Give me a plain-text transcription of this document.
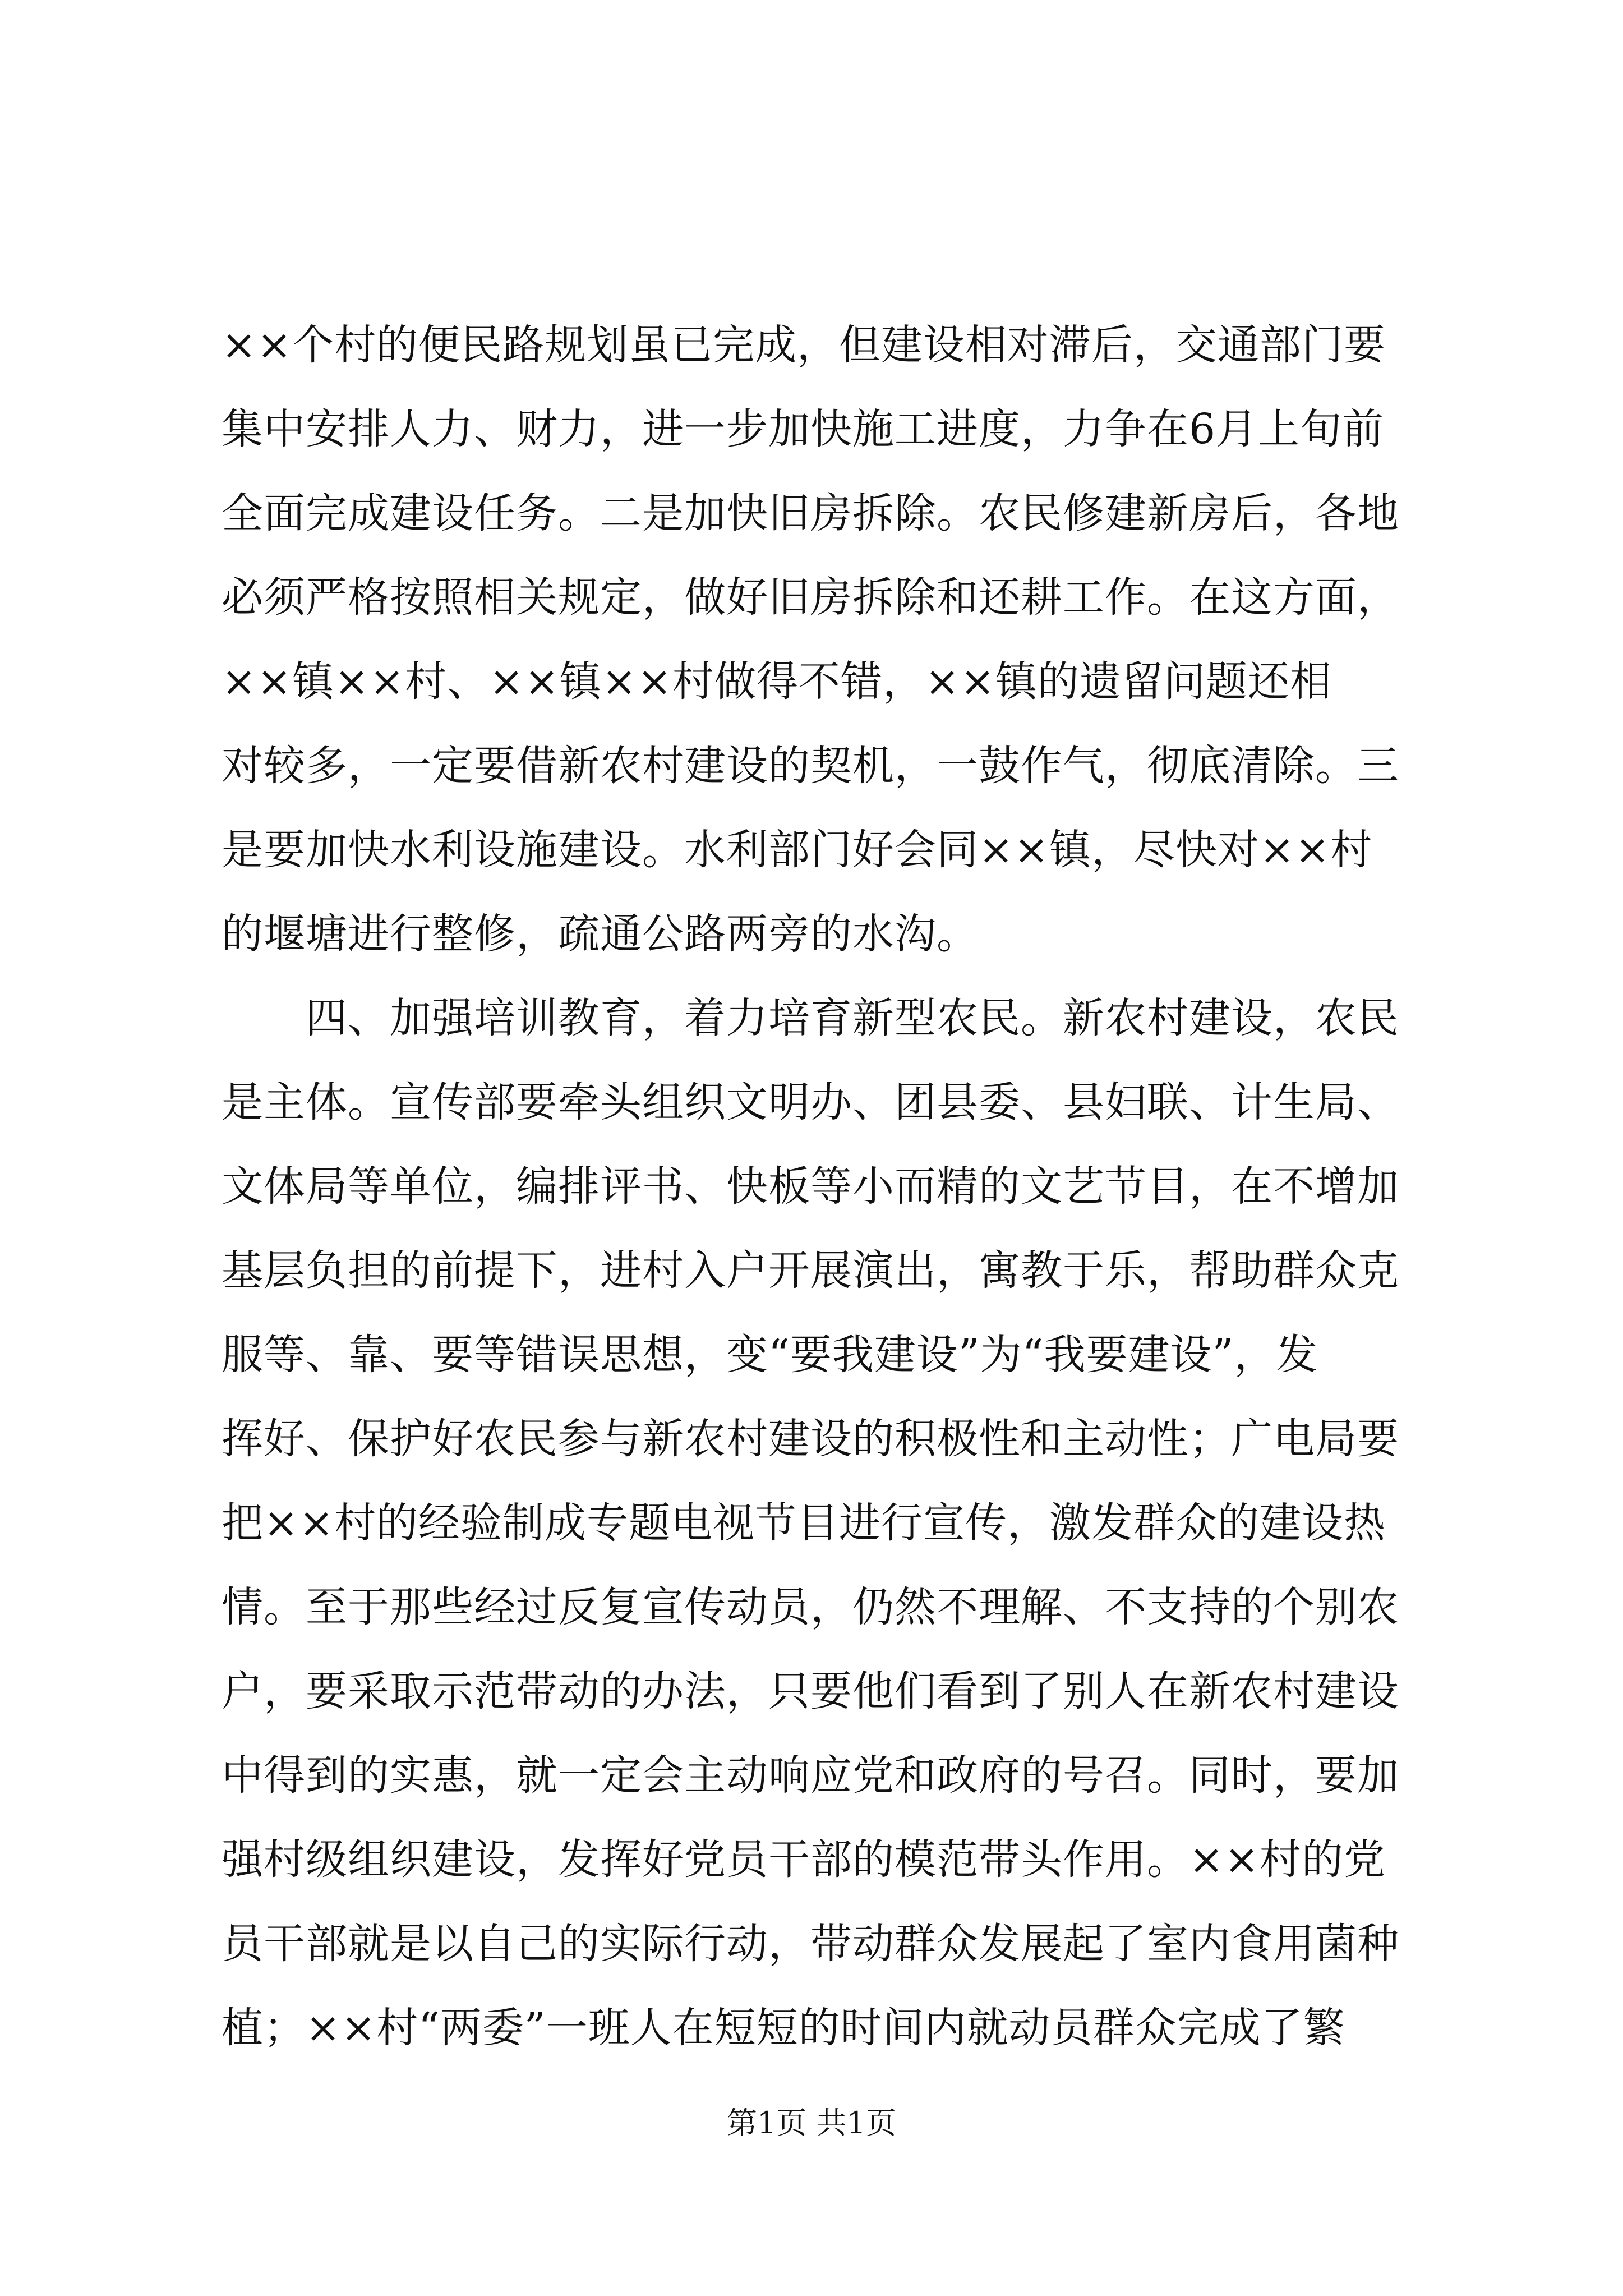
××个村的便民路规划虽已完成，但建设相对滞后，交通部门要
集中安排人力、财力，进一步加快施工进度，力争在6月上旬前
全面完成建设任务。二是加快旧房拆除。农民修建新房后，各地
必须严格按照相关规定，做好旧房拆除和还耕工作。在这方面，
××镇××村、××镇××村做得不错，××镇的遗留问题还相
对较多，一定要借新农村建设的契机，一鼓作气，彻底清除。三
是要加快水利设施建设。水利部门好会同××镇，尽快对××村
的堰塘进行整修，疏通公路两旁的水沟。
　　四、加强培训教育，着力培育新型农民。新农村建设，农民
是主体。宣传部要牵头组织文明办、团县委、县妇联、计生局、
文体局等单位，编排评书、快板等小而精的文艺节目，在不增加
基层负担的前提下，进村入户开展演出，寓教于乐，帮助群众克
服等、靠、要等错误思想，变“要我建设”为“我要建设”，发
挥好、保护好农民参与新农村建设的积极性和主动性；广电局要
把××村的经验制成专题电视节目进行宣传，激发群众的建设热
情。至于那些经过反复宣传动员，仍然不理解、不支持的个别农
户，要采取示范带动的办法，只要他们看到了别人在新农村建设
中得到的实惠，就一定会主动响应党和政府的号召。同时，要加
强村级组织建设，发挥好党员干部的模范带头作用。××村的党
员干部就是以自己的实际行动，带动群众发展起了室内食用菌种
植；××村“两委”一班人在短短的时间内就动员群众完成了繁
第1页 共1页
